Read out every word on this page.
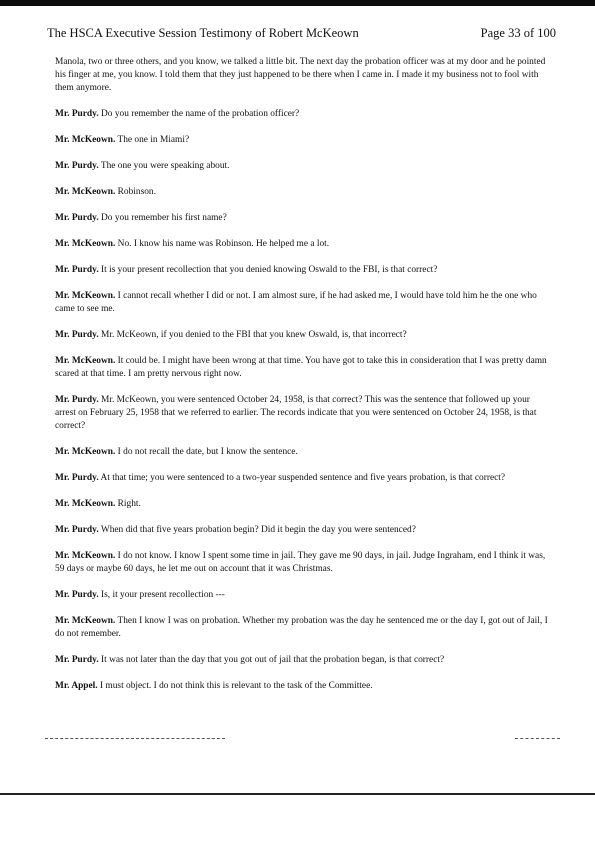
The HSCA Executive Session Testimony of Robert McKeown	Page 33 of 100

Manola, two or three others, and you know, we talked a little bit. The next day the probation officer was at my door and he pointed his finger at me, you know. I told them that they just happened to be there when I came in. I made it my business not to fool with them anymore.

Mr. Purdy. Do you remember the name of the probation officer?

Mr. McKeown. The one in Miami?

Mr. Purdy. The one you were speaking about.

Mr. McKeown. Robinson.

Mr. Purdy. Do you remember his first name?

Mr. McKeown. No. I know his name was Robinson. He helped me a lot.

Mr. Purdy. It is your present recollection that you denied knowing Oswald to the FBI, is that correct?

Mr. McKeown. I cannot recall whether I did or not. I am almost sure, if he had asked me, I would have told him he the one who came to see me.

Mr. Purdy. Mr. McKeown, if you denied to the FBI that you knew Oswald, is, that incorrect?

Mr. McKeown. It could be. I might have been wrong at that time. You have got to take this in consideration that I was pretty damn scared at that time. I am pretty nervous right now.

Mr. Purdy. Mr. McKeown, you were sentenced October 24, 1958, is that correct? This was the sentence that followed up your arrest on February 25, 1958 that we referred to earlier. The records indicate that you were sentenced on October 24, 1958, is that correct?

Mr. McKeown. I do not recall the date, but I know the sentence.

Mr. Purdy. At that time; you were sentenced to a two-year suspended sentence and five years probation, is that correct?

Mr. McKeown. Right.

Mr. Purdy. When did that five years probation begin? Did it begin the day you were sentenced?

Mr. McKeown. I do not know. I know I spent some time in jail. They gave me 90 days, in jail. Judge Ingraham, end I think it was, 59 days or maybe 60 days, he let me out on account that it was Christmas.

Mr. Purdy. Is, it your present recollection ---

Mr. McKeown. Then I know I was on probation. Whether my probation was the day he sentenced me or the day I, got out of Jail, I do not remember.

Mr. Purdy. It was not later than the day that you got out of jail that the probation began, is that correct?

Mr. Appel. I must object. I do not think this is relevant to the task of the Committee.
